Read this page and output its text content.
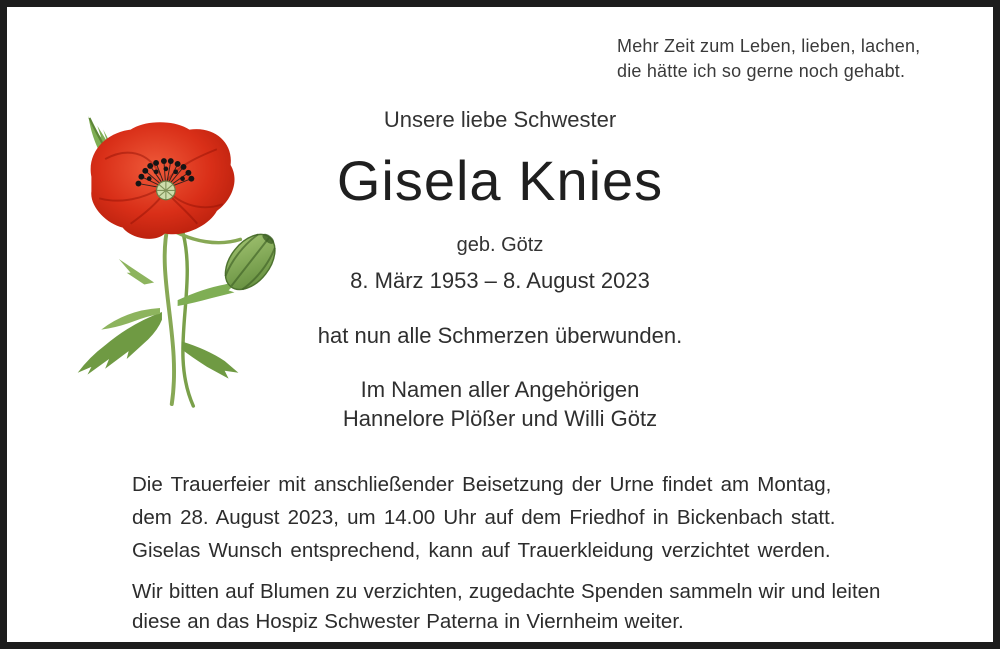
Mehr Zeit zum Leben, lieben, lachen,
die hätte ich so gerne noch gehabt.
Unsere liebe Schwester
Gisela Knies
geb. Götz
8. März 1953 – 8. August 2023
hat nun alle Schmerzen überwunden.
Im Namen aller Angehörigen
Hannelore Plößer und Willi Götz
Die Trauerfeier mit anschließender Beisetzung der Urne findet am Montag,
dem 28. August 2023, um 14.00 Uhr auf dem Friedhof in Bickenbach statt.
Giselas Wunsch entsprechend, kann auf Trauerkleidung verzichtet werden.
Wir bitten auf Blumen zu verzichten, zugedachte Spenden sammeln wir und leiten
diese an das Hospiz Schwester Paterna in Viernheim weiter.
